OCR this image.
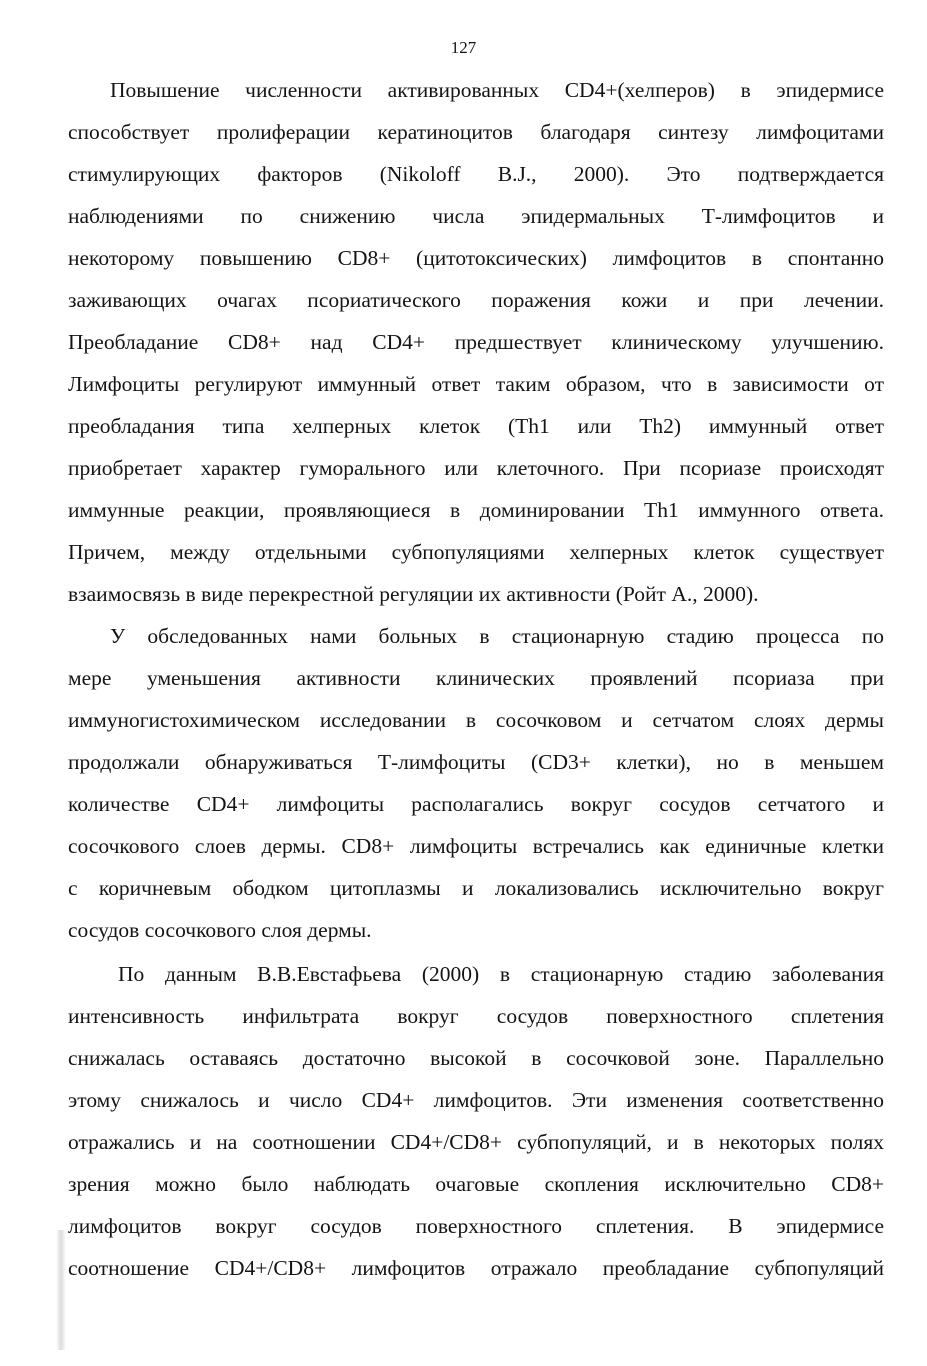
127
Повышение численности активированных CD4+(хелперов) в эпидермисе
способствует пролиферации кератиноцитов благодаря синтезу лимфоцитами
стимулирующих факторов (Nikoloff B.J., 2000). Это подтверждается
наблюдениями по снижению числа эпидермальных Т-лимфоцитов и
некоторому повышению CD8+ (цитотоксических) лимфоцитов в спонтанно
заживающих очагах псориатического поражения кожи и при лечении.
Преобладание CD8+ над CD4+ предшествует клиническому улучшению.
Лимфоциты регулируют иммунный ответ таким образом, что в зависимости от
преобладания типа хелперных клеток (Th1 или Th2) иммунный ответ
приобретает характер гуморального или клеточного. При псориазе происходят
иммунные реакции, проявляющиеся в доминировании Th1 иммунного ответа.
Причем, между отдельными субпопуляциями хелперных клеток существует
взаимосвязь в виде перекрестной регуляции их активности (Ройт А., 2000).
У обследованных нами больных в стационарную стадию процесса по
мере уменьшения активности клинических проявлений псориаза при
иммуногистохимическом исследовании в сосочковом и сетчатом слоях дермы
продолжали обнаруживаться Т-лимфоциты (CD3+ клетки), но в меньшем
количестве CD4+ лимфоциты располагались вокруг сосудов сетчатого и
сосочкового слоев дермы. CD8+ лимфоциты встречались как единичные клетки
с коричневым ободком цитоплазмы и локализовались исключительно вокруг
сосудов сосочкового слоя дермы.
По данным В.В.Евстафьева (2000) в стационарную стадию заболевания
интенсивность инфильтрата вокруг сосудов поверхностного сплетения
снижалась оставаясь достаточно высокой в сосочковой зоне. Параллельно
этому снижалось и число CD4+ лимфоцитов. Эти изменения соответственно
отражались и на соотношении CD4+/CD8+ субпопуляций, и в некоторых полях
зрения можно было наблюдать очаговые скопления исключительно CD8+
лимфоцитов вокруг сосудов поверхностного сплетения. В эпидермисе
соотношение CD4+/CD8+ лимфоцитов отражало преобладание субпопуляций
